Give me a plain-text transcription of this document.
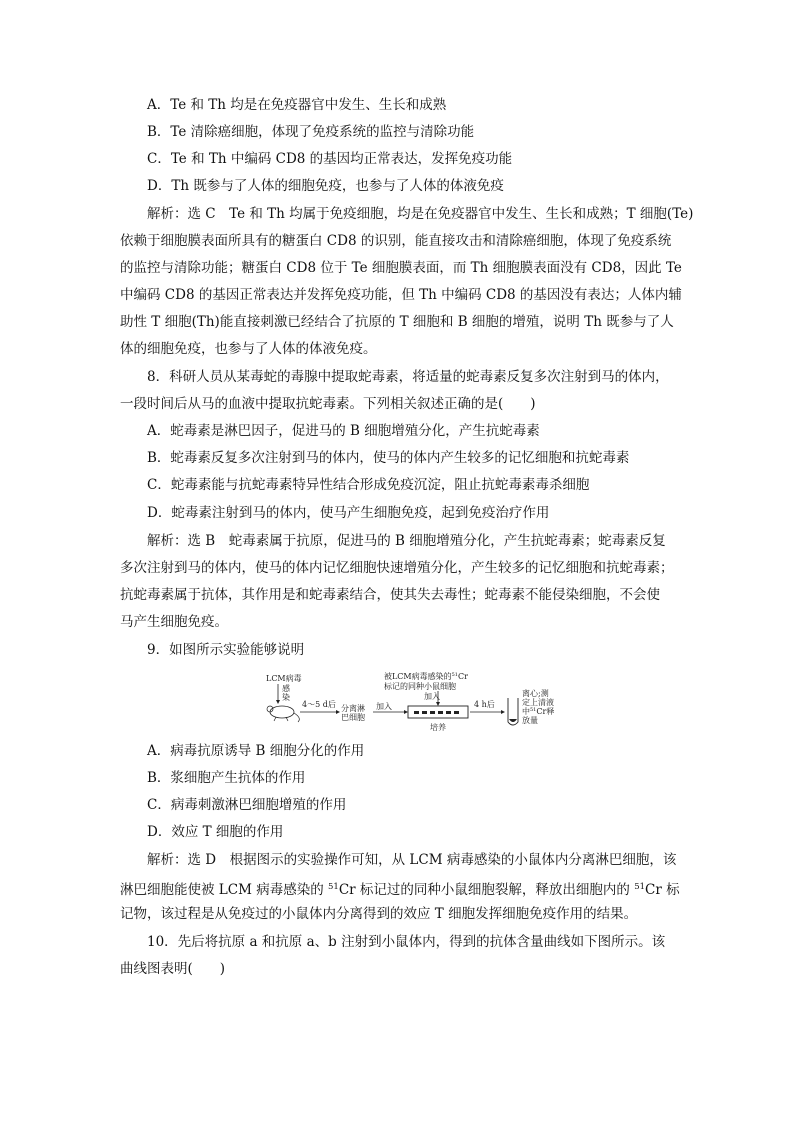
A．Te 和 Th 均是在免疫器官中发生、生长和成熟
B．Te 清除癌细胞，体现了免疫系统的监控与清除功能
C．Te 和 Th 中编码 CD8 的基因均正常表达，发挥免疫功能
D．Th 既参与了人体的细胞免疫，也参与了人体的体液免疫
解析：选 C　Te 和 Th 均属于免疫细胞，均是在免疫器官中发生、生长和成熟；T 细胞(Te)
依赖于细胞膜表面所具有的糖蛋白 CD8 的识别，能直接攻击和清除癌细胞，体现了免疫系统
的监控与清除功能；糖蛋白 CD8 位于 Te 细胞膜表面，而 Th 细胞膜表面没有 CD8，因此 Te
中编码 CD8 的基因正常表达并发挥免疫功能，但 Th 中编码 CD8 的基因没有表达；人体内辅
助性 T 细胞(Th)能直接刺激已经结合了抗原的 T 细胞和 B 细胞的增殖，说明 Th 既参与了人
体的细胞免疫，也参与了人体的体液免疫。
8．科研人员从某毒蛇的毒腺中提取蛇毒素，将适量的蛇毒素反复多次注射到马的体内，
一段时间后从马的血液中提取抗蛇毒素。下列相关叙述正确的是(　　)
A．蛇毒素是淋巴因子，促进马的 B 细胞增殖分化，产生抗蛇毒素
B．蛇毒素反复多次注射到马的体内，使马的体内产生较多的记忆细胞和抗蛇毒素
C．蛇毒素能与抗蛇毒素特异性结合形成免疫沉淀，阻止抗蛇毒素毒杀细胞
D．蛇毒素注射到马的体内，使马产生细胞免疫，起到免疫治疗作用
解析：选 B　蛇毒素属于抗原，促进马的 B 细胞增殖分化，产生抗蛇毒素；蛇毒素反复
多次注射到马的体内，使马的体内记忆细胞快速增殖分化，产生较多的记忆细胞和抗蛇毒素；
抗蛇毒素属于抗体，其作用是和蛇毒素结合，使其失去毒性；蛇毒素不能侵染细胞，不会使
马产生细胞免疫。
9．如图所示实验能够说明
LCM病毒
感
染
4～5 d后 分离淋
巴细胞
加入
被LCM病毒感染的$^{51}$Cr
标记的同种小鼠细胞
加入
培养
4 h后
离心;测
定上清液
中$^{51}$Cr释
放量
A．病毒抗原诱导 B 细胞分化的作用
B．浆细胞产生抗体的作用
C．病毒刺激淋巴细胞增殖的作用
D．效应 T 细胞的作用
解析：选 D　根据图示的实验操作可知，从 LCM 病毒感染的小鼠体内分离淋巴细胞，该
淋巴细胞能使被 LCM 病毒感染的 $^{51}$Cr 标记过的同种小鼠细胞裂解，释放出细胞内的 $^{51}$Cr 标
记物，该过程是从免疫过的小鼠体内分离得到的效应 T 细胞发挥细胞免疫作用的结果。
10．先后将抗原 a 和抗原 a、b 注射到小鼠体内，得到的抗体含量曲线如下图所示。该
曲线图表明(　　)
